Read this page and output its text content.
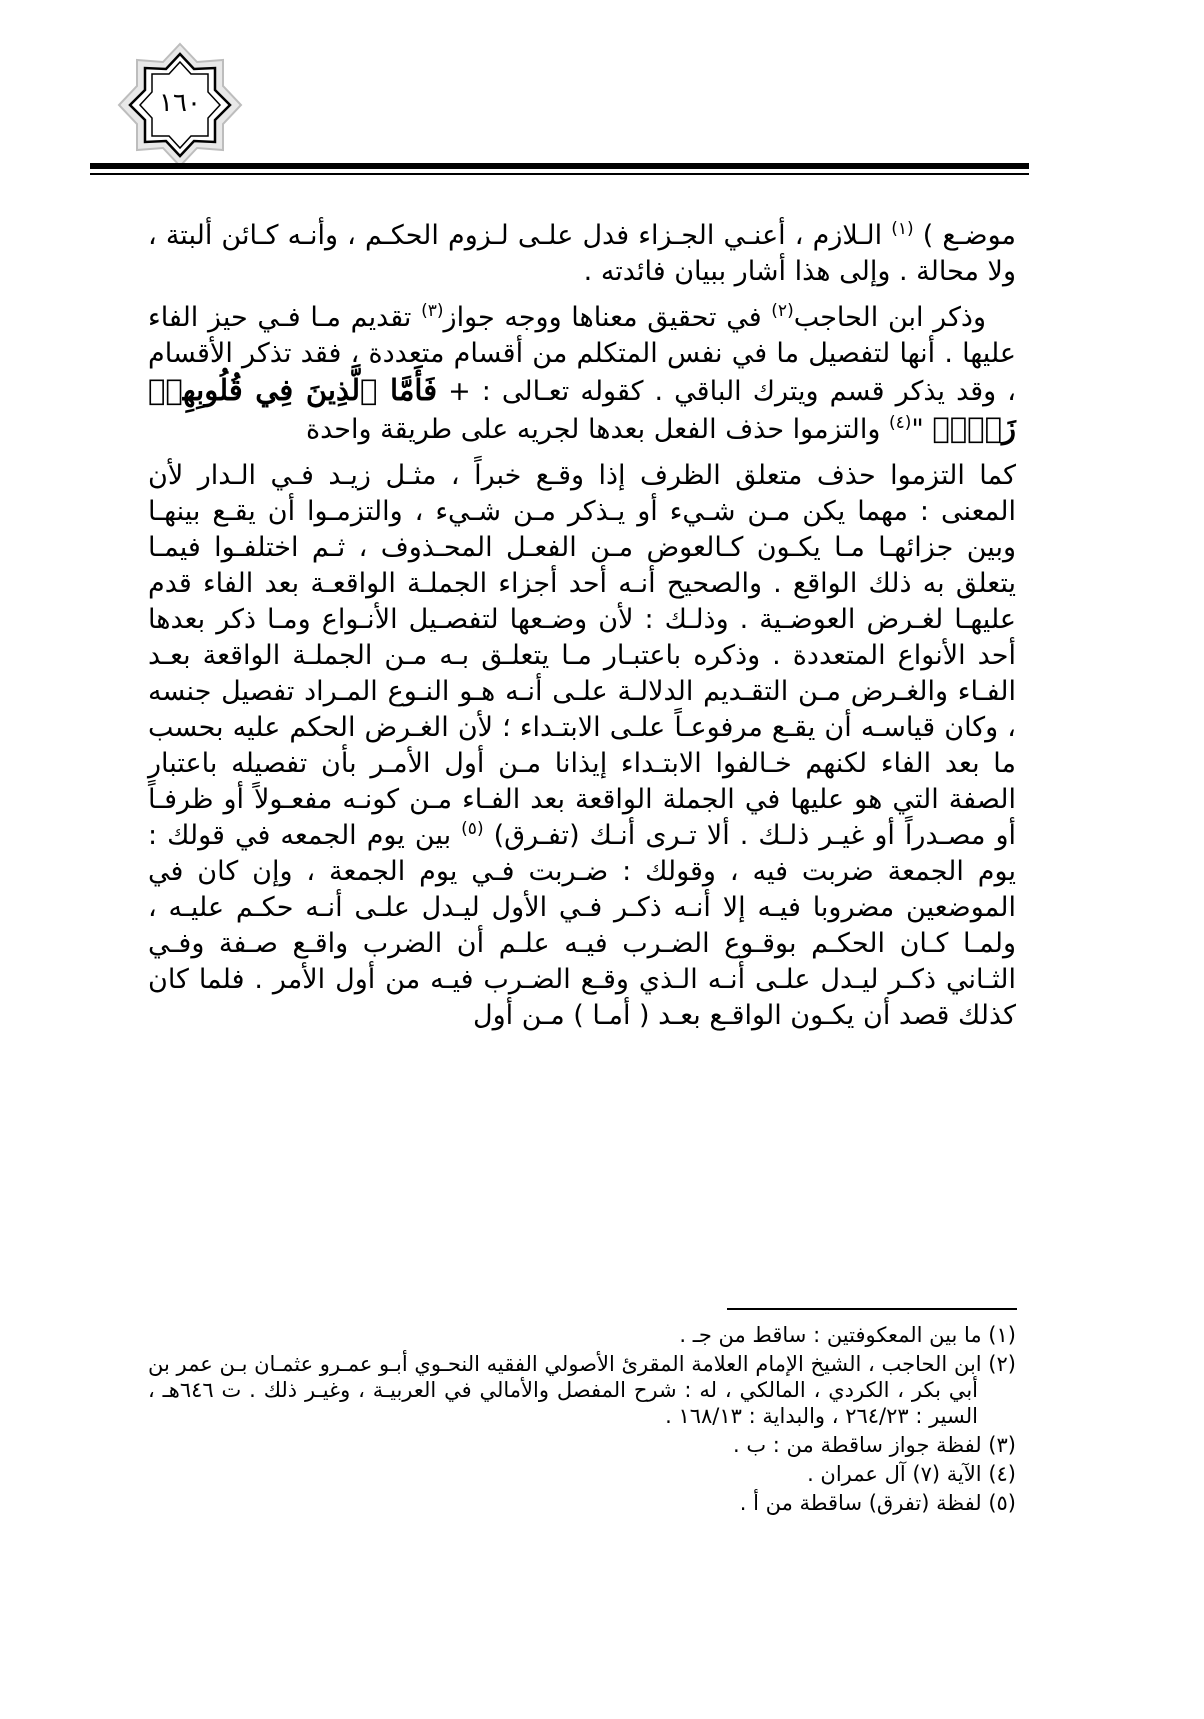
١٦٠

موضـع ) $^{(١)}$ الـلازم ، أعنـي الجـزاء فدل علـى لـزوم الحكـم ، وأنـه كـائن ألبتة ، ولا محالة . وإلى هذا أشار ببيان فائدته .

وذكر ابن الحاجب$^{(٢)}$ في تحقيق معناها ووجه جواز$^{(٣)}$ تقديم مـا فـي حيز الفاء عليها . أنها لتفصيل ما في نفس المتكلم من أقسام متعددة ، فقد تذكر الأقسام ، وقد يذكر قسم ويترك الباقي . كقوله تعـالى : + فَأَمَّا ٱلَّذِينَ فِي قُلُوبِهِمۡ زَيۡغٞ "$^{(٤)}$ والتزموا حذف الفعل بعدها لجريه على طريقة واحدة

كما التزموا حذف متعلق الظرف إذا وقـع خبراً ، مثـل زيـد فـي الـدار لأن المعنى : مهما يكن مـن شـيء أو يـذكر مـن شـيء ، والتزمـوا أن يقـع بينهـا وبين جزائهـا مـا يكـون كـالعوض مـن الفعـل المحـذوف ، ثـم اختلفـوا فيمـا يتعلق به ذلك الواقع . والصحيح أنـه أحد أجزاء الجملـة الواقعـة بعد الفاء قدم عليهـا لغـرض العوضـية . وذلـك : لأن وضـعها لتفصـيل الأنـواع ومـا ذكر بعدها أحد الأنواع المتعددة . وذكره باعتبـار مـا يتعلـق بـه مـن الجملـة الواقعة بعـد الفـاء والغـرض مـن التقـديم الدلالـة علـى أنـه هـو النـوع المـراد تفصيل جنسه ، وكان قياسـه أن يقـع مرفوعـاً علـى الابتـداء ؛ لأن الغـرض الحكم عليه بحسب ما بعد الفاء لكنهم خـالفوا الابتـداء إيذانا مـن أول الأمـر بأن تفصيله باعتبار الصفة التي هو عليها في الجملة الواقعة بعد الفـاء مـن كونـه مفعـولاً أو ظرفـاً أو مصـدراً أو غيـر ذلـك . ألا تـرى أنـك (تفـرق) $^{(٥)}$ بين يوم الجمعه في قولك : يوم الجمعة ضربت فيه ، وقولك : ضـربت فـي يوم الجمعة ، وإن كان في الموضعين مضروبا فيـه إلا أنـه ذكـر فـي الأول ليـدل علـى أنـه حكـم عليـه ، ولمـا كـان الحكـم بوقـوع الضـرب فيـه علـم أن الضرب واقـع صـفة وفـي الثـاني ذكـر ليـدل علـى أنـه الـذي وقـع الضـرب فيـه من أول الأمر . فلما كان كذلك قصد أن يكـون الواقـع بعـد ( أمـا ) مـن أول

(١) ما بين المعكوفتين : ساقط من جـ .

(٢) ابن الحاجب ، الشيخ الإمام العلامة المقرئ الأصولي الفقيه النحـوي أبـو عمـرو عثمـان بـن عمر بن أبي بكر ، الكردي ، المالكي ، له : شرح المفصل والأمالي في العربيـة ، وغيـر ذلك . ت ٦٤٦هـ ، السير : ٢٦٤/٢٣ ، والبداية : ١٦٨/١٣ .

(٣) لفظة جواز ساقطة من : ب .

(٤) الآية (٧) آل عمران .

(٥) لفظة (تفرق) ساقطة من أ .
